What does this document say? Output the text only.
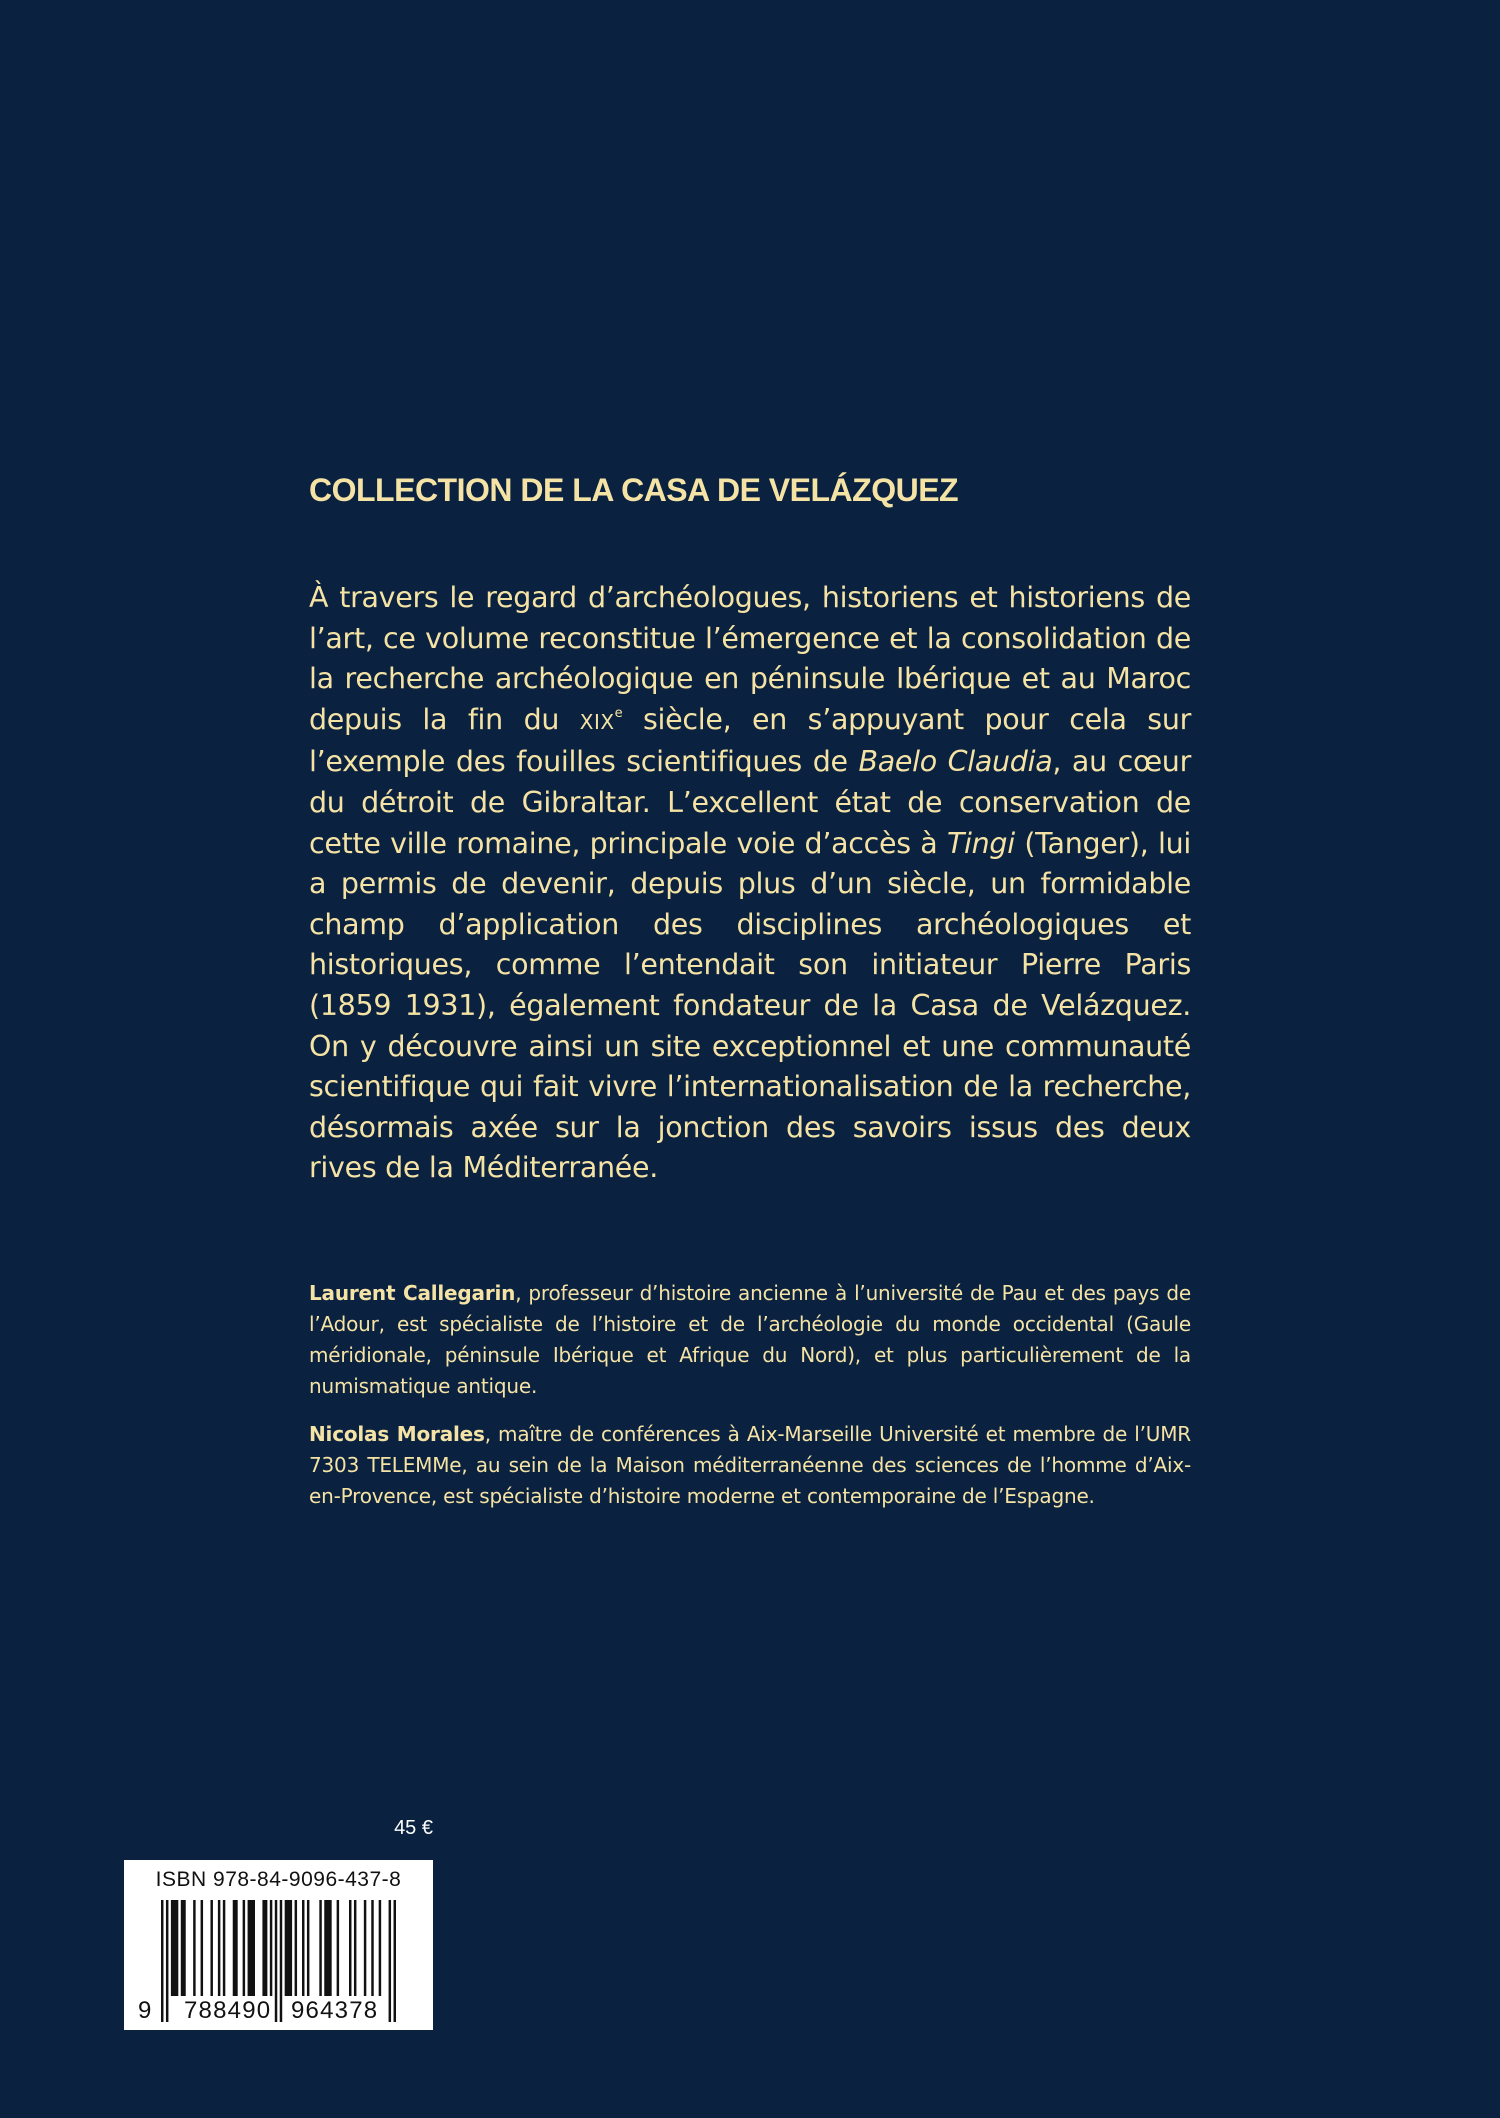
COLLECTION DE LA CASA DE VELÁZQUEZ

À travers le regard d’archéologues, historiens et historiens de l’art, ce volume reconstitue l’émergence et la consolidation de la recherche archéologique en péninsule Ibérique et au Maroc depuis la fin du XIXe siècle, en s’appuyant pour cela sur l’exemple des fouilles scientifiques de Baelo Claudia, au cœur du détroit de Gibraltar. L’excellent état de conservation de cette ville romaine, principale voie d’accès à Tingi (Tanger), lui a permis de devenir, depuis plus d’un siècle, un formidable champ d’application des disciplines archéologiques et historiques, comme l’entendait son initiateur Pierre Paris (1859 1931), également fondateur de la Casa de Velázquez. On y découvre ainsi un site exceptionnel et une communauté scientifique qui fait vivre l’internationalisation de la recherche, désormais axée sur la jonction des savoirs issus des deux rives de la Méditerranée.

Laurent Callegarin, professeur d’histoire ancienne à l’université de Pau et des pays de l’Adour, est spécialiste de l’histoire et de l’archéologie du monde occidental (Gaule méridionale, péninsule Ibérique et Afrique du Nord), et plus particulièrement de la numismatique antique.

Nicolas Morales, maître de conférences à Aix-Marseille Université et membre de l’UMR 7303 TELEMMe, au sein de la Maison méditerranéenne des sciences de l’homme d’Aix-en-Provence, est spécialiste d’histoire moderne et contemporaine de l’Espagne.

45 €
ISBN 978-84-9096-437-8
9 788490 964378
